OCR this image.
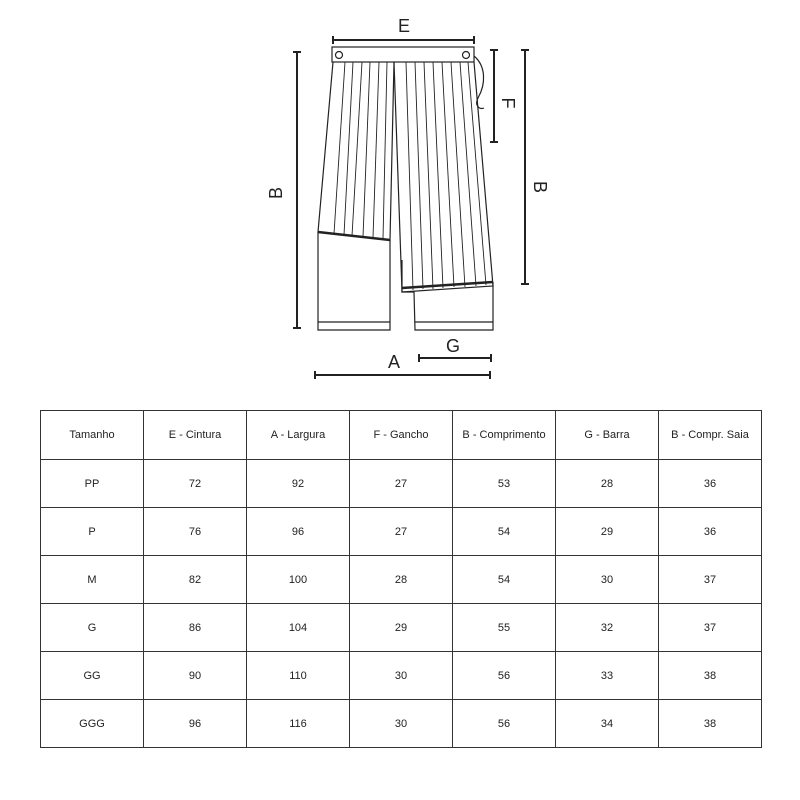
E
B
F
B
G
A
Tamanho	E - Cintura	A - Largura	F - Gancho	B - Comprimento	G - Barra	B - Compr. Saia
PP	72	92	27	53	28	36
P	76	96	27	54	29	36
M	82	100	28	54	30	37
G	86	104	29	55	32	37
GG	90	110	30	56	33	38
GGG	96	116	30	56	34	38
